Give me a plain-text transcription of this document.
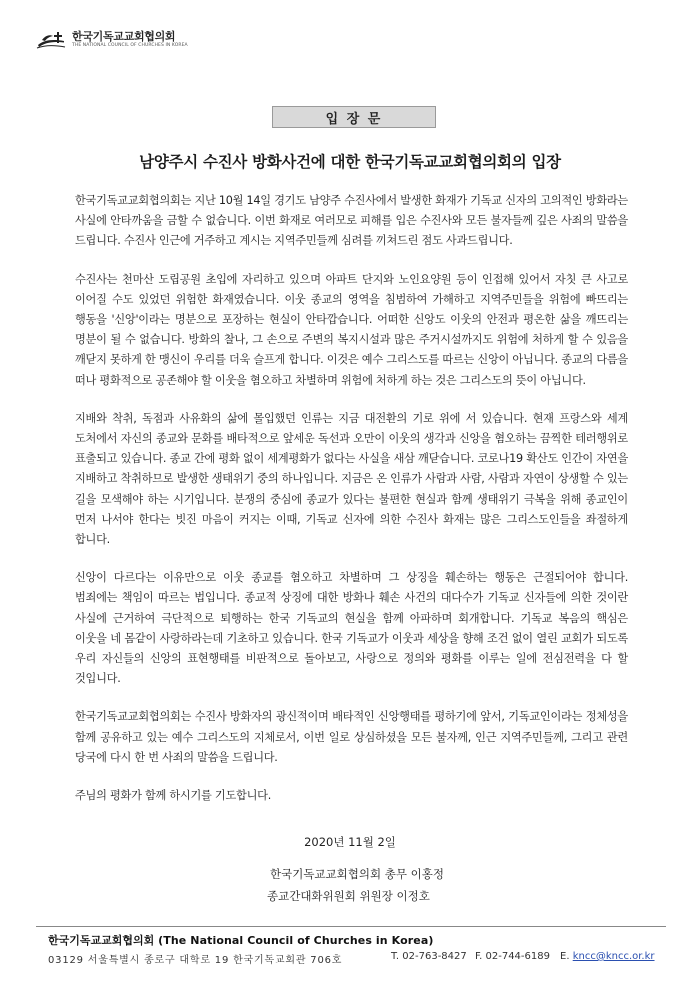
한국기독교교회협의회
THE NATIONAL COUNCIL OF CHURCHES IN KOREA
입 장 문
남양주시 수진사 방화사건에 대한 한국기독교교회협의회의 입장

한국기독교교회협의회는 지난 10월 14일 경기도 남양주 수진사에서 발생한 화재가 기독교 신자의 고의적인 방화라는 사실에 안타까움을 금할 수 없습니다. 이번 화재로 여러모로 피해를 입은 수진사와 모든 불자들께 깊은 사죄의 말씀을 드립니다. 수진사 인근에 거주하고 계시는 지역주민들께 심려를 끼쳐드린 점도 사과드립니다.

수진사는 천마산 도립공원 초입에 자리하고 있으며 아파트 단지와 노인요양원 등이 인접해 있어서 자칫 큰 사고로 이어질 수도 있었던 위험한 화재였습니다. 이웃 종교의 영역을 침범하여 가해하고 지역주민들을 위험에 빠뜨리는 행동을 '신앙'이라는 명분으로 포장하는 현실이 안타깝습니다. 어떠한 신앙도 이웃의 안전과 평온한 삶을 깨뜨리는 명분이 될 수 없습니다. 방화의 찰나, 그 손으로 주변의 복지시설과 많은 주거시설까지도 위험에 처하게 할 수 있음을 깨닫지 못하게 한 맹신이 우리를 더욱 슬프게 합니다. 이것은 예수 그리스도를 따르는 신앙이 아닙니다. 종교의 다름을 떠나 평화적으로 공존해야 할 이웃을 혐오하고 차별하며 위험에 처하게 하는 것은 그리스도의 뜻이 아닙니다.

지배와 착취, 독점과 사유화의 삶에 몰입했던 인류는 지금 대전환의 기로 위에 서 있습니다. 현재 프랑스와 세계 도처에서 자신의 종교와 문화를 배타적으로 앞세운 독선과 오만이 이웃의 생각과 신앙을 혐오하는 끔찍한 테러행위로 표출되고 있습니다. 종교 간에 평화 없이 세계평화가 없다는 사실을 새삼 깨닫습니다. 코로나19 확산도 인간이 자연을 지배하고 착취하므로 발생한 생태위기 중의 하나입니다. 지금은 온 인류가 사람과 사람, 사람과 자연이 상생할 수 있는 길을 모색해야 하는 시기입니다. 분쟁의 중심에 종교가 있다는 불편한 현실과 함께 생태위기 극복을 위해 종교인이 먼저 나서야 한다는 빗진 마음이 커지는 이때, 기독교 신자에 의한 수진사 화재는 많은 그리스도인들을 좌절하게 합니다.

신앙이 다르다는 이유만으로 이웃 종교를 혐오하고 차별하며 그 상징을 훼손하는 행동은 근절되어야 합니다. 범죄에는 책임이 따르는 법입니다. 종교적 상징에 대한 방화나 훼손 사건의 대다수가 기독교 신자들에 의한 것이란 사실에 근거하여 극단적으로 퇴행하는 한국 기독교의 현실을 함께 아파하며 회개합니다. 기독교 복음의 핵심은 이웃을 네 몸같이 사랑하라는데 기초하고 있습니다. 한국 기독교가 이웃과 세상을 향해 조건 없이 열린 교회가 되도록 우리 자신들의 신앙의 표현행태를 비판적으로 돌아보고, 사랑으로 정의와 평화를 이루는 일에 전심전력을 다 할 것입니다.

한국기독교교회협의회는 수진사 방화자의 광신적이며 배타적인 신앙행태를 평하기에 앞서, 기독교인이라는 정체성을 함께 공유하고 있는 예수 그리스도의 지체로서, 이번 일로 상심하셨을 모든 불자께, 인근 지역주민들께, 그리고 관련 당국에 다시 한 번 사죄의 말씀을 드립니다.

주님의 평화가 함께 하시기를 기도합니다.

2020년 11월 2일
한국기독교교회협의회 총무 이홍정
종교간대화위원회 위원장 이정호
한국기독교교회협의회 (The National Council of Churches in Korea)
03129 서울특별시 종로구 대학로 19 한국기독교회관 706호	T. 02-763-8427 F. 02-744-6189 E. kncc@kncc.or.kr
